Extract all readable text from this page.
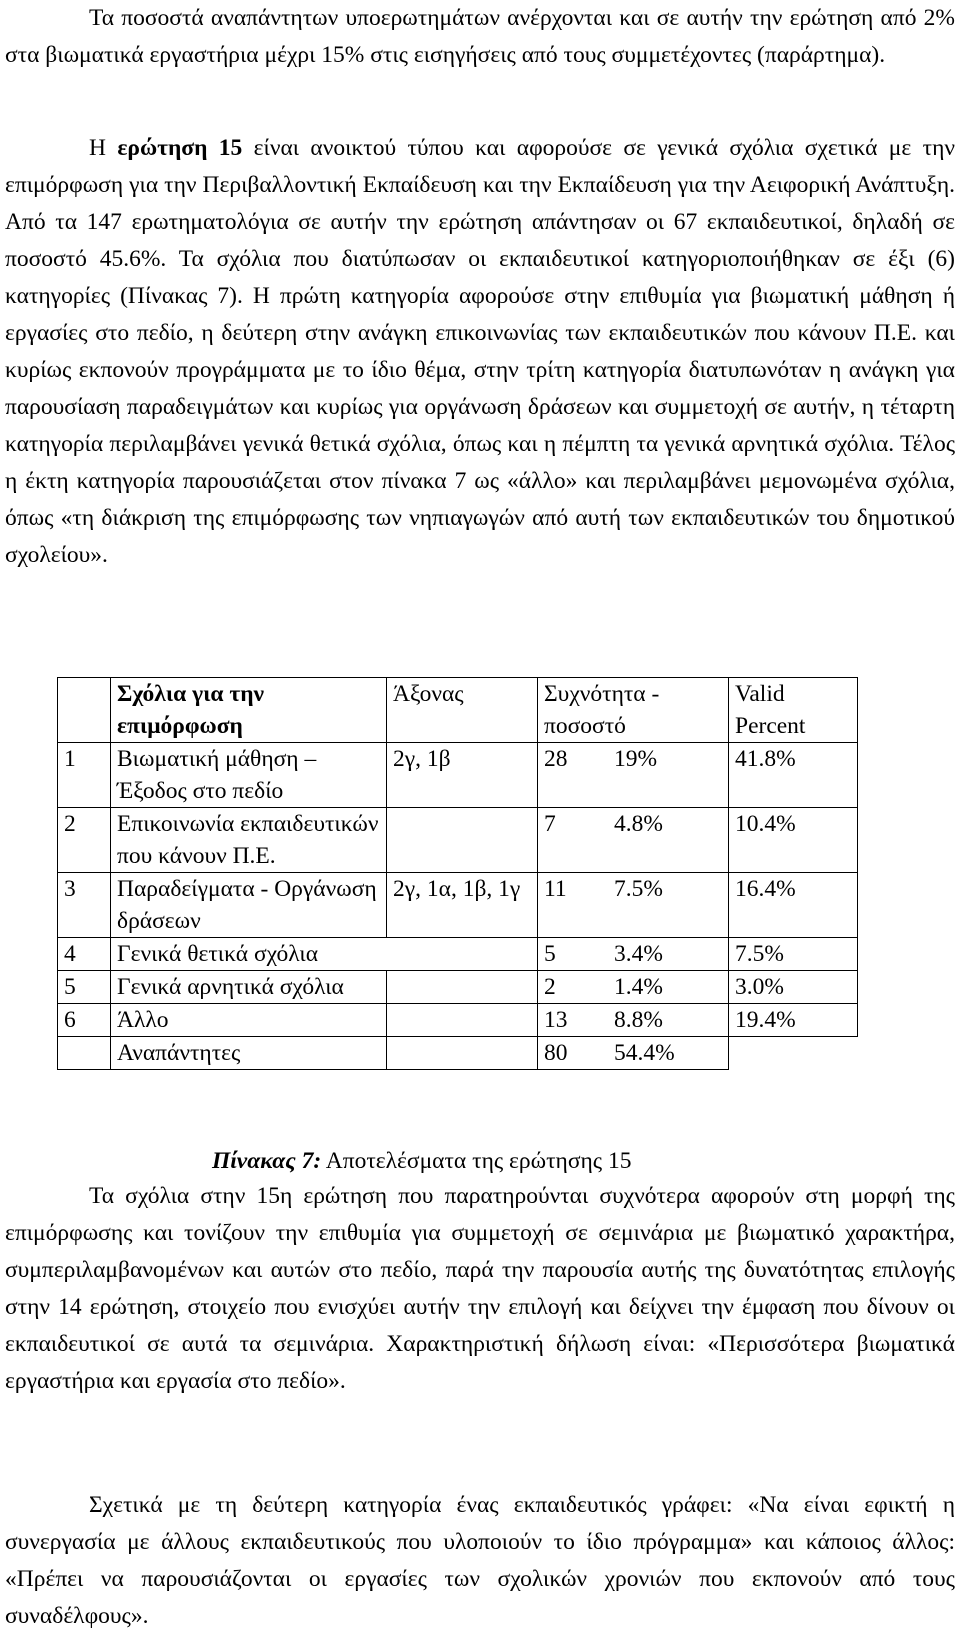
Τα ποσοστά αναπάντητων υποερωτημάτων ανέρχονται και σε αυτήν την ερώτηση από 2% στα βιωματικά εργαστήρια μέχρι 15% στις εισηγήσεις από τους συμμετέχοντες (παράρτημα).

Η ερώτηση 15 είναι ανοικτού τύπου και αφορούσε σε γενικά σχόλια σχετικά με την επιμόρφωση για την Περιβαλλοντική Εκπαίδευση και την Εκπαίδευση για την Αειφορική Ανάπτυξη. Από τα 147 ερωτηματολόγια σε αυτήν την ερώτηση απάντησαν οι 67 εκπαιδευτικοί, δηλαδή σε ποσοστό 45.6%. Τα σχόλια που διατύπωσαν οι εκπαιδευτικοί κατηγοριοποιήθηκαν σε έξι (6) κατηγορίες (Πίνακας 7). Η πρώτη κατηγορία αφορούσε στην επιθυμία για βιωματική μάθηση ή εργασίες στο πεδίο, η δεύτερη στην ανάγκη επικοινωνίας των εκπαιδευτικών που κάνουν Π.Ε. και κυρίως εκπονούν προγράμματα με το ίδιο θέμα, στην τρίτη κατηγορία διατυπωνόταν η ανάγκη για παρουσίαση παραδειγμάτων και κυρίως για οργάνωση δράσεων και συμμετοχή σε αυτήν, η τέταρτη κατηγορία περιλαμβάνει γενικά θετικά σχόλια, όπως και η πέμπτη τα γενικά αρνητικά σχόλια. Τέλος η έκτη κατηγορία παρουσιάζεται στον πίνακα 7 ως «άλλο» και περιλαμβάνει μεμονωμένα σχόλια, όπως «τη διάκριση της επιμόρφωσης των νηπιαγωγών από αυτή των εκπαιδευτικών του δημοτικού σχολείου».

	Σχόλια για την επιμόρφωση	Άξονας	Συχνότητα - ποσοστό	Valid Percent
1	Βιωματική μάθηση – Έξοδος στο πεδίο	2γ, 1β	28 19%	41.8%
2	Επικοινωνία εκπαιδευτικών που κάνουν Π.Ε.		7 4.8%	10.4%
3	Παραδείγματα - Οργάνωση δράσεων	2γ, 1α, 1β, 1γ	11 7.5%	16.4%
4	Γενικά θετικά σχόλια		5 3.4%	7.5%
5	Γενικά αρνητικά σχόλια		2 1.4%	3.0%
6	Άλλο		13 8.8%	19.4%
	Αναπάντητες		80 54.4%	
Πίνακας 7: Αποτελέσματα της ερώτησης 15

Τα σχόλια στην 15η ερώτηση που παρατηρούνται συχνότερα αφορούν στη μορφή της επιμόρφωσης και τονίζουν την επιθυμία για συμμετοχή σε σεμινάρια με βιωματικό χαρακτήρα, συμπεριλαμβανομένων και αυτών στο πεδίο, παρά την παρουσία αυτής της δυνατότητας επιλογής στην 14 ερώτηση, στοιχείο που ενισχύει αυτήν την επιλογή και δείχνει την έμφαση που δίνουν οι εκπαιδευτικοί σε αυτά τα σεμινάρια. Χαρακτηριστική δήλωση είναι: «Περισσότερα βιωματικά εργαστήρια και εργασία στο πεδίο».

Σχετικά με τη δεύτερη κατηγορία ένας εκπαιδευτικός γράφει: «Να είναι εφικτή η συνεργασία με άλλους εκπαιδευτικούς που υλοποιούν το ίδιο πρόγραμμα» και κάποιος άλλος: «Πρέπει να παρουσιάζονται οι εργασίες των σχολικών χρονιών που εκπονούν από τους συναδέλφους».
